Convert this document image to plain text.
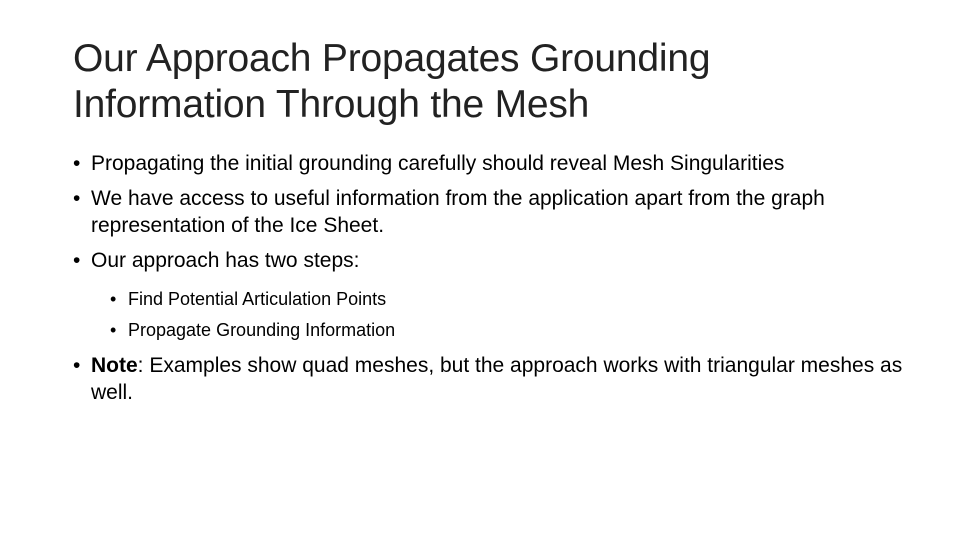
Our Approach Propagates Grounding
Information Through the Mesh
• Propagating the initial grounding carefully should reveal Mesh Singularities
• We have access to useful information from the application apart from the graph representation of the Ice Sheet.
• Our approach has two steps:
• Find Potential Articulation Points
• Propagate Grounding Information
• Note: Examples show quad meshes, but the approach works with triangular meshes as well.
